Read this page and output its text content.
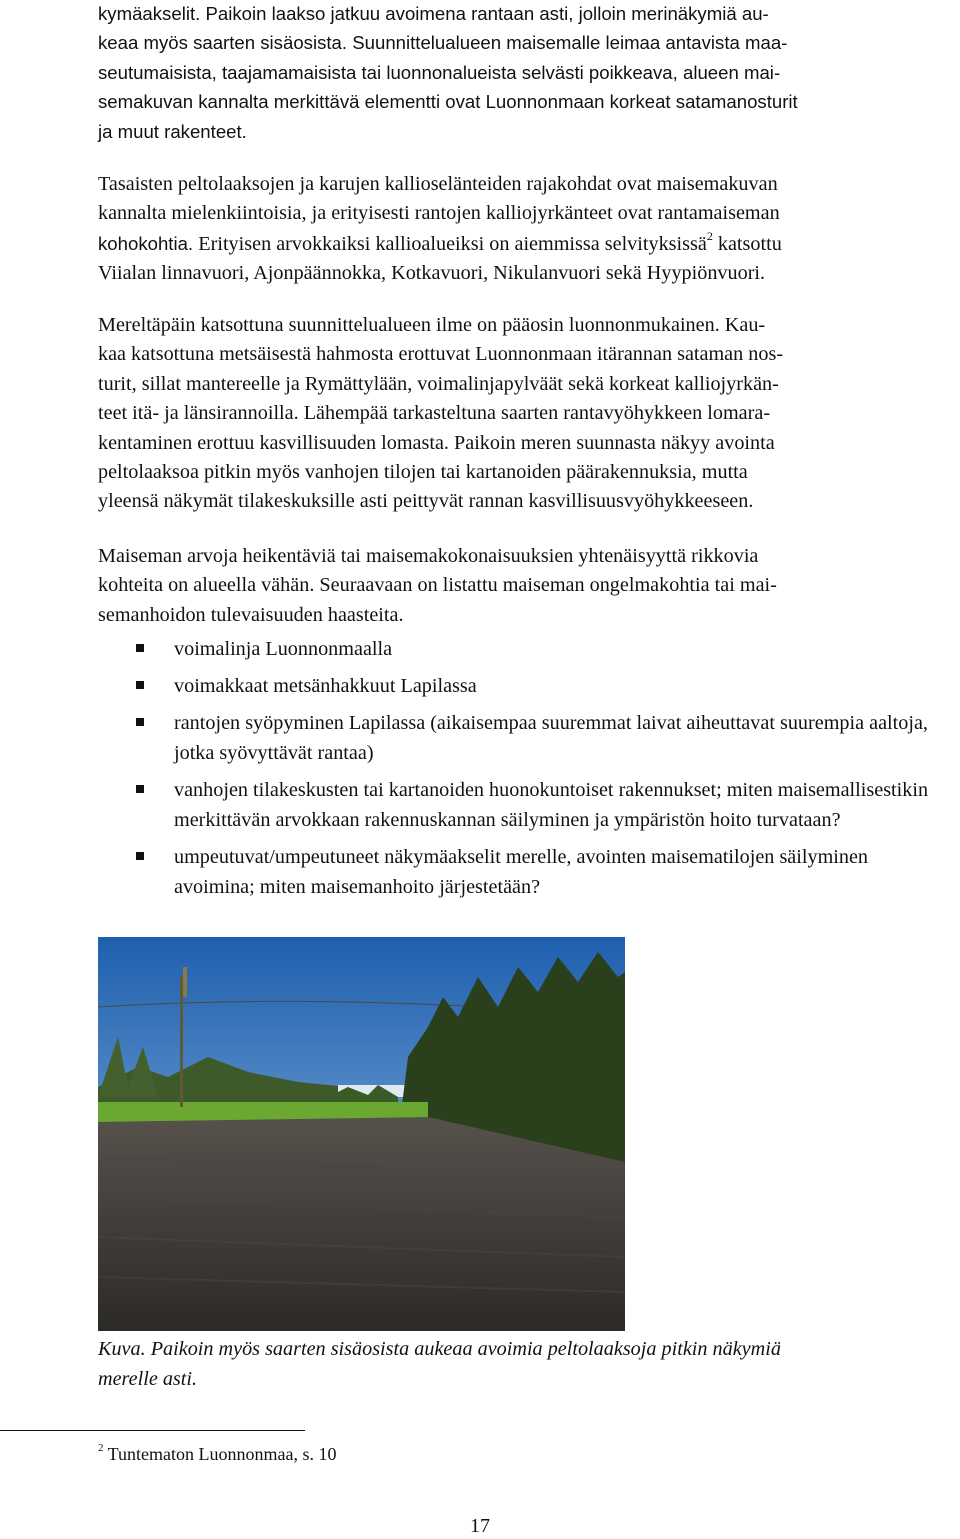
kymäakselit. Paikoin laakso jatkuu avoimena rantaan asti, jolloin merinäkymiä au-
keaa myös saarten sisäosista. Suunnittelualueen maisemalle leimaa antavista maa-
seutumaisista, taajamamaisista tai luonnonalueista selvästi poikkeava, alueen mai-
semakuvan kannalta merkittävä elementti ovat Luonnonmaan korkeat satamanosturit
ja muut rakenteet.
Tasaisten peltolaaksojen ja karujen kallioselänteiden rajakohdat ovat maisemakuvan
kannalta mielenkiintoisia, ja erityisesti rantojen kalliojyrkänteet ovat rantamaiseman
kohokohtia. Erityisen arvokkaiksi kallioalueiksi on aiemmissa selvityksissä$^2$ katsottu
Viialan linnavuori, Ajonpäännokka, Kotkavuori, Nikulanvuori sekä Hyypiönvuori.
Mereltäpäin katsottuna suunnittelualueen ilme on pääosin luonnonmukainen. Kau-
kaa katsottuna metsäisestä hahmosta erottuvat Luonnonmaan itärannan sataman nos-
turit, sillat mantereelle ja Rymättylään, voimalinjapylväät sekä korkeat kalliojyrkän-
teet itä- ja länsirannoilla. Lähempää tarkasteltuna saarten rantavyöhykkeen lomara-
kentaminen erottuu kasvillisuuden lomasta. Paikoin meren suunnasta näkyy avointa
peltolaaksoa pitkin myös vanhojen tilojen tai kartanoiden päärakennuksia, mutta
yleensä näkymät tilakeskuksille asti peittyvät rannan kasvillisuusvyöhykkeeseen.
Maiseman arvoja heikentäviä tai maisemakokonaisuuksien yhtenäisyyttä rikkovia
kohteita on alueella vähän. Seuraavaan on listattu maiseman ongelmakohtia tai mai-
semanhoidon tulevaisuuden haasteita.
voimalinja Luonnonmaalla
voimakkaat metsänhakkuut Lapilassa
rantojen syöpyminen Lapilassa (aikaisempaa suuremmat laivat aiheuttavat suurempia aaltoja, jotka syövyttävät rantaa)
vanhojen tilakeskusten tai kartanoiden huonokuntoiset rakennukset; miten maisemallisestikin merkittävän arvokkaan rakennuskannan säilyminen ja ympäristön hoito turvataan?
umpeutuvat/umpeutuneet näkymäakselit merelle, avointen maisematilojen säilyminen avoimina; miten maisemanhoito järjestetään?
Kuva. Paikoin myös saarten sisäosista aukeaa avoimia peltolaaksoja pitkin näkymiä
merelle asti.
$^2$ Tuntematon Luonnonmaa, s. 10
17
